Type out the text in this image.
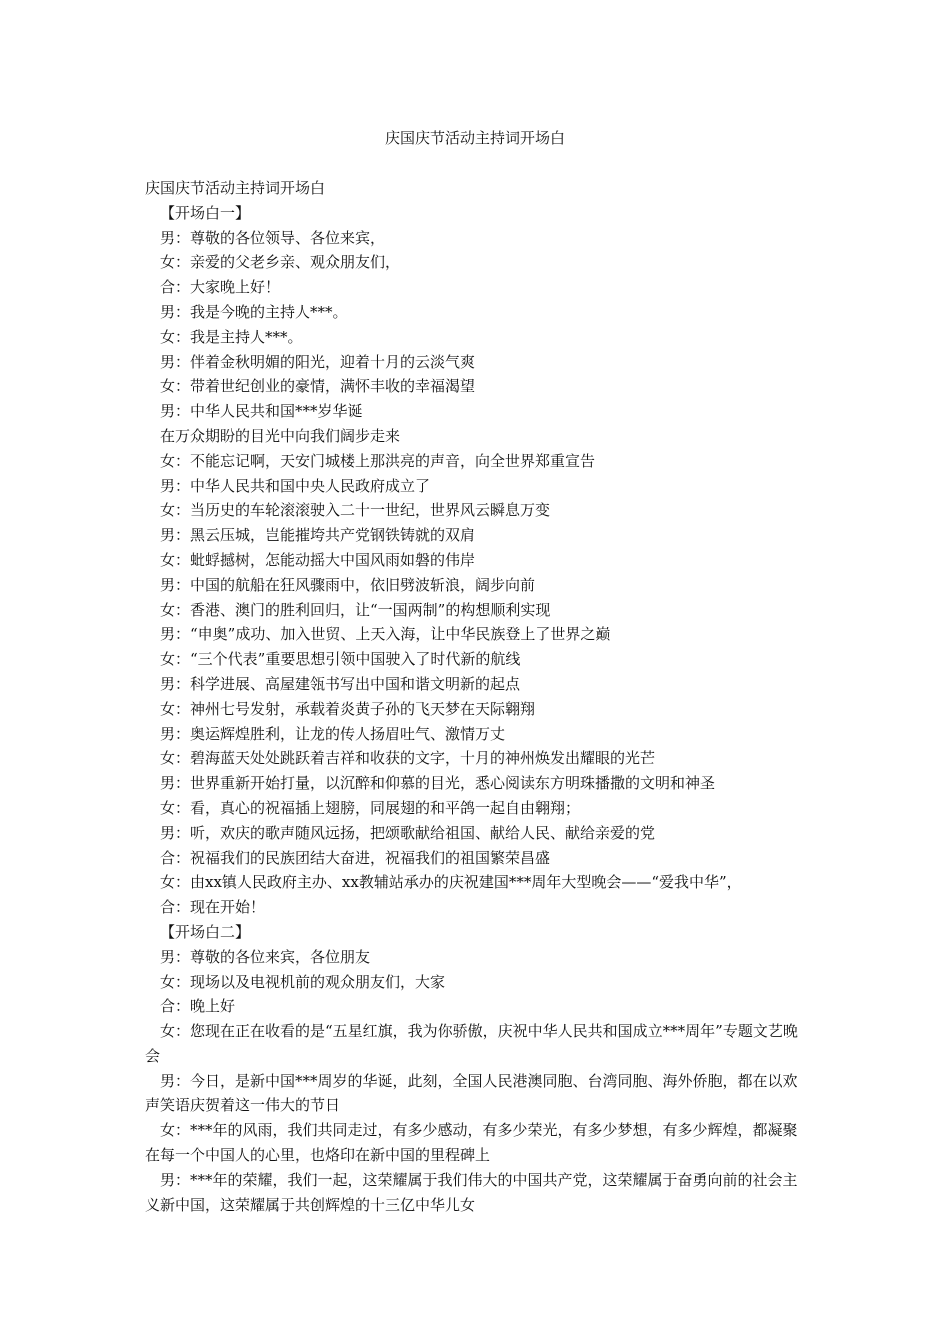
庆国庆节活动主持词开场白

庆国庆节活动主持词开场白

【开场白一】

男：尊敬的各位领导、各位来宾，

女：亲爱的父老乡亲、观众朋友们，

合：大家晚上好！

男：我是今晚的主持人***。

女：我是主持人***。

男：伴着金秋明媚的阳光，迎着十月的云淡气爽

女：带着世纪创业的豪情，满怀丰收的幸福渴望

男：中华人民共和国***岁华诞

在万众期盼的目光中向我们阔步走来

女：不能忘记啊，天安门城楼上那洪亮的声音，向全世界郑重宣告

男：中华人民共和国中央人民政府成立了

女：当历史的车轮滚滚驶入二十一世纪，世界风云瞬息万变

男：黑云压城，岂能摧垮共产党钢铁铸就的双肩

女：蚍蜉撼树，怎能动摇大中国风雨如磐的伟岸

男：中国的航船在狂风骤雨中，依旧劈波斩浪，阔步向前

女：香港、澳门的胜利回归，让“一国两制”的构想顺利实现

男：“申奥”成功、加入世贸、上天入海，让中华民族登上了世界之巅

女：“三个代表”重要思想引领中国驶入了时代新的航线

男：科学进展、高屋建瓴书写出中国和谐文明新的起点

女：神州七号发射，承载着炎黄子孙的飞天梦在天际翱翔

男：奥运辉煌胜利，让龙的传人扬眉吐气、激情万丈

女：碧海蓝天处处跳跃着吉祥和收获的文字，十月的神州焕发出耀眼的光芒

男：世界重新开始打量，以沉醉和仰慕的目光，悉心阅读东方明珠播撒的文明和神圣

女：看，真心的祝福插上翅膀，同展翅的和平鸽一起自由翱翔；

男：听，欢庆的歌声随风远扬，把颂歌献给祖国、献给人民、献给亲爱的党

合：祝福我们的民族团结大奋进，祝福我们的祖国繁荣昌盛

女：由xx镇人民政府主办、xx教辅站承办的庆祝建国***周年大型晚会——“爱我中华”，

合：现在开始！

【开场白二】

男：尊敬的各位来宾，各位朋友

女：现场以及电视机前的观众朋友们，大家

合：晚上好

女：您现在正在收看的是“五星红旗，我为你骄傲，庆祝中华人民共和国成立***周年”专题文艺晚会

男：今日，是新中国***周岁的华诞，此刻，全国人民港澳同胞、台湾同胞、海外侨胞，都在以欢声笑语庆贺着这一伟大的节日

女：***年的风雨，我们共同走过，有多少感动，有多少荣光，有多少梦想，有多少辉煌，都凝聚在每一个中国人的心里，也烙印在新中国的里程碑上

男：***年的荣耀，我们一起，这荣耀属于我们伟大的中国共产党，这荣耀属于奋勇向前的社会主义新中国，这荣耀属于共创辉煌的十三亿中华儿女
